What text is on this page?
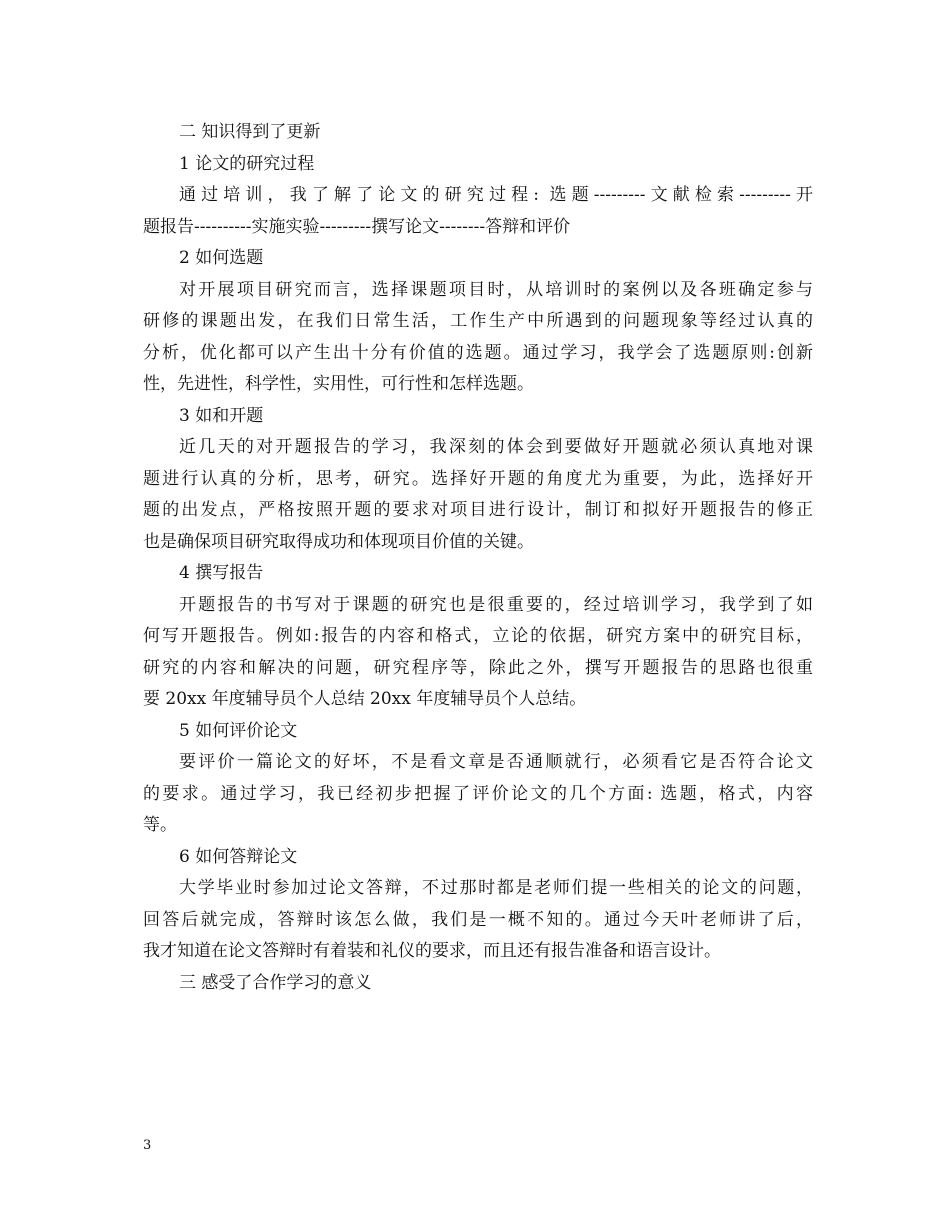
二 知识得到了更新
1 论文的研究过程
通过培训，我了解了论文的研究过程: 选题---------文献检索---------开
题报告----------实施实验---------撰写论文--------答辩和评价
2 如何选题
对开展项目研究而言，选择课题项目时，从培训时的案例以及各班确定参与
研修的课题出发，在我们日常生活，工作生产中所遇到的问题现象等经过认真的
分析，优化都可以产生出十分有价值的选题。通过学习，我学会了选题原则:创新
性，先进性，科学性，实用性，可行性和怎样选题。
3 如和开题
近几天的对开题报告的学习，我深刻的体会到要做好开题就必须认真地对课
题进行认真的分析，思考，研究。选择好开题的角度尤为重要，为此，选择好开
题的出发点，严格按照开题的要求对项目进行设计，制订和拟好开题报告的修正
也是确保项目研究取得成功和体现项目价值的关键。
4 撰写报告
开题报告的书写对于课题的研究也是很重要的，经过培训学习，我学到了如
何写开题报告。例如:报告的内容和格式，立论的依据，研究方案中的研究目标，
研究的内容和解决的问题，研究程序等，除此之外，撰写开题报告的思路也很重
要 20xx 年度辅导员个人总结 20xx 年度辅导员个人总结。
5 如何评价论文
要评价一篇论文的好坏，不是看文章是否通顺就行，必须看它是否符合论文
的要求。通过学习，我已经初步把握了评价论文的几个方面: 选题，格式，内容
等。
6 如何答辩论文
大学毕业时参加过论文答辩，不过那时都是老师们提一些相关的论文的问题，
回答后就完成，答辩时该怎么做，我们是一概不知的。通过今天叶老师讲了后，
我才知道在论文答辩时有着装和礼仪的要求，而且还有报告准备和语言设计。
三 感受了合作学习的意义
3
